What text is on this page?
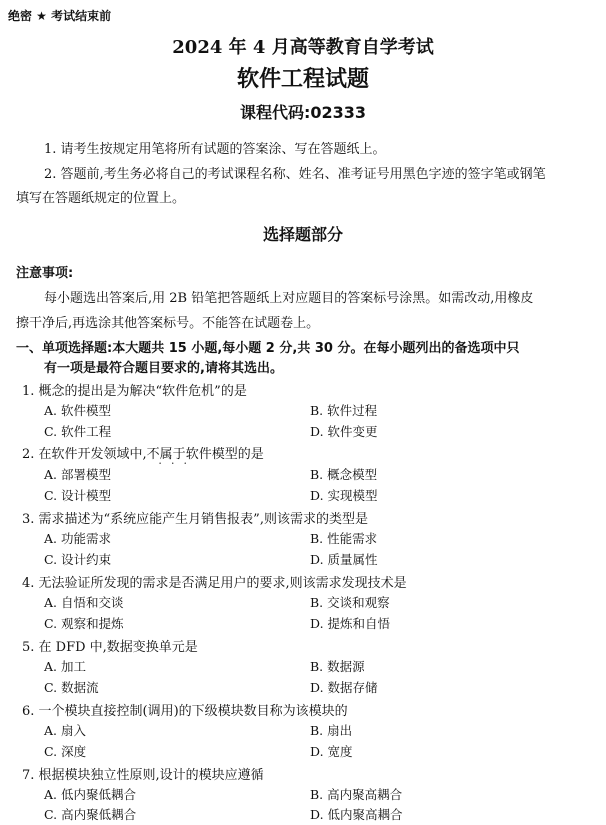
绝密 ★ 考试结束前
2024 年 4 月高等教育自学考试
软件工程试题
课程代码:02333
1. 请考生按规定用笔将所有试题的答案涂、写在答题纸上。
2. 答题前,考生务必将自己的考试课程名称、姓名、准考证号用黑色字迹的签字笔或钢笔
填写在答题纸规定的位置上。
选择题部分
注意事项:
每小题选出答案后,用 2B 铅笔把答题纸上对应题目的答案标号涂黑。如需改动,用橡皮
擦干净后,再选涂其他答案标号。不能答在试题卷上。
一、单项选择题:本大题共 15 小题,每小题 2 分,共 30 分。在每小题列出的备选项中只
有一项是最符合题目要求的,请将其选出。
1. 概念的提出是为解决“软件危机”的是
A. 软件模型	B. 软件过程
C. 软件工程	D. 软件变更
2. 在软件开发领域中,不属于 • • •软件模型的是
A. 部署模型	B. 概念模型
C. 设计模型	D. 实现模型
3. 需求描述为“系统应能产生月销售报表”,则该需求的类型是
A. 功能需求	B. 性能需求
C. 设计约束	D. 质量属性
4. 无法验证所发现的需求是否满足用户的要求,则该需求发现技术是
A. 自悟和交谈	B. 交谈和观察
C. 观察和提炼	D. 提炼和自悟
5. 在 DFD 中,数据变换单元是
A. 加工	B. 数据源
C. 数据流	D. 数据存储
6. 一个模块直接控制(调用)的下级模块数目称为该模块的
A. 扇入	B. 扇出
C. 深度	D. 宽度
7. 根据模块独立性原则,设计的模块应遵循
A. 低内聚低耦合	B. 高内聚高耦合
C. 高内聚低耦合	D. 低内聚高耦合
